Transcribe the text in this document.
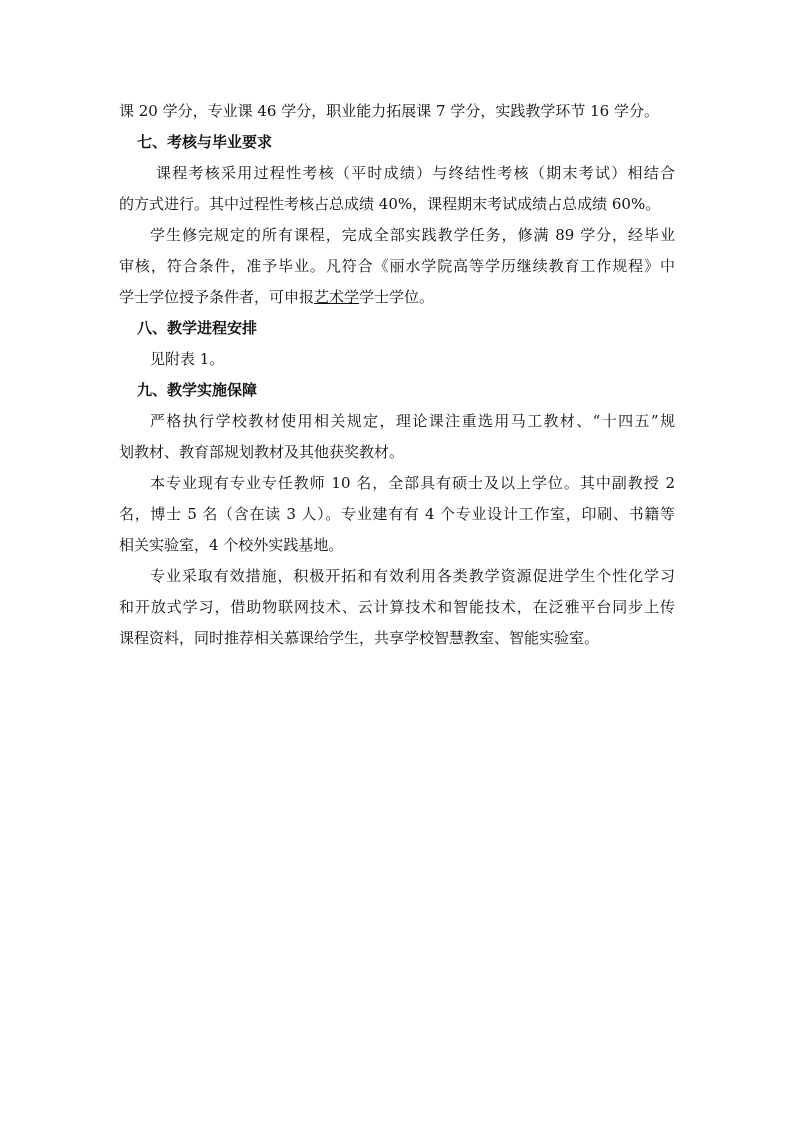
课 20 学分，专业课 46 学分，职业能力拓展课 7 学分，实践教学环节 16 学分。
七、考核与毕业要求
课程考核采用过程性考核（平时成绩）与终结性考核（期末考试）相结合
的方式进行。其中过程性考核占总成绩 40%，课程期末考试成绩占总成绩 60%。
学生修完规定的所有课程，完成全部实践教学任务，修满 89 学分，经毕业
审核，符合条件，准予毕业。凡符合《丽水学院高等学历继续教育工作规程》中
学士学位授予条件者，可申报艺术学学士学位。
八、教学进程安排
见附表 1。
九、教学实施保障
严格执行学校教材使用相关规定，理论课注重选用马工教材、“十四五”规
划教材、教育部规划教材及其他获奖教材。
本专业现有专业专任教师 10 名，全部具有硕士及以上学位。其中副教授 2
名，博士 5 名（含在读 3 人）。专业建有有 4 个专业设计工作室，印刷、书籍等
相关实验室，4 个校外实践基地。
专业采取有效措施，积极开拓和有效利用各类教学资源促进学生个性化学习
和开放式学习，借助物联网技术、云计算技术和智能技术，在泛雅平台同步上传
课程资料，同时推荐相关慕课给学生，共享学校智慧教室、智能实验室。
